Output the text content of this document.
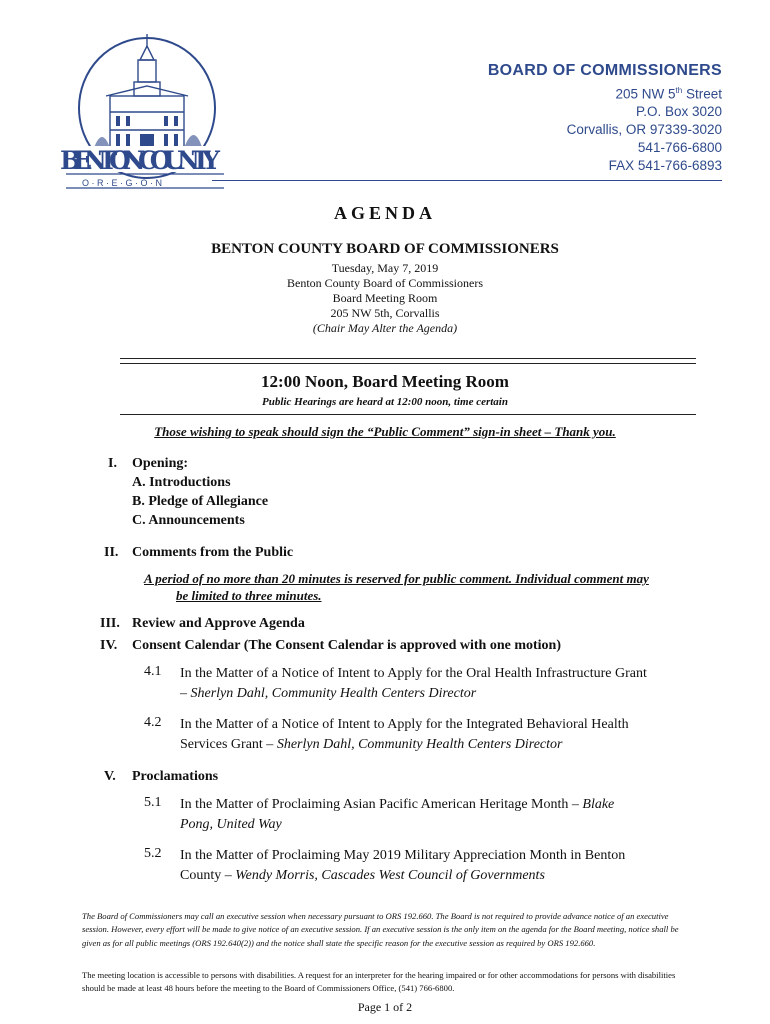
BENTON COUNTY
O · R · E · G · O · N
BOARD OF COMMISSIONERS
205 NW 5th Street
P.O. Box 3020
Corvallis, OR 97339-3020
541-766-6800
FAX 541-766-6893
AGENDA
BENTON COUNTY BOARD OF COMMISSIONERS
Tuesday, May 7, 2019
Benton County Board of Commissioners
Board Meeting Room
205 NW 5th, Corvallis
(Chair May Alter the Agenda)
12:00 Noon, Board Meeting Room
Public Hearings are heard at 12:00 noon, time certain
Those wishing to speak should sign the “Public Comment” sign-in sheet – Thank you.
I. Opening:
A. Introductions
B. Pledge of Allegiance
C. Announcements
II. Comments from the Public
A period of no more than 20 minutes is reserved for public comment. Individual comment may
be limited to three minutes.
III. Review and Approve Agenda
IV. Consent Calendar (The Consent Calendar is approved with one motion)
4.1 In the Matter of a Notice of Intent to Apply for the Oral Health Infrastructure Grant
– Sherlyn Dahl, Community Health Centers Director
4.2 In the Matter of a Notice of Intent to Apply for the Integrated Behavioral Health
Services Grant – Sherlyn Dahl, Community Health Centers Director
V. Proclamations
5.1 In the Matter of Proclaiming Asian Pacific American Heritage Month – Blake
Pong, United Way
5.2 In the Matter of Proclaiming May 2019 Military Appreciation Month in Benton
County – Wendy Morris, Cascades West Council of Governments
The Board of Commissioners may call an executive session when necessary pursuant to ORS 192.660. The Board is not required to provide advance notice of an executive session. However, every effort will be made to give notice of an executive session. If an executive session is the only item on the agenda for the Board meeting, notice shall be given as for all public meetings (ORS 192.640(2)) and the notice shall state the specific reason for the executive session as required by ORS 192.660.
The meeting location is accessible to persons with disabilities. A request for an interpreter for the hearing impaired or for other accommodations for persons with disabilities should be made at least 48 hours before the meeting to the Board of Commissioners Office, (541) 766-6800.
Page 1 of 2
